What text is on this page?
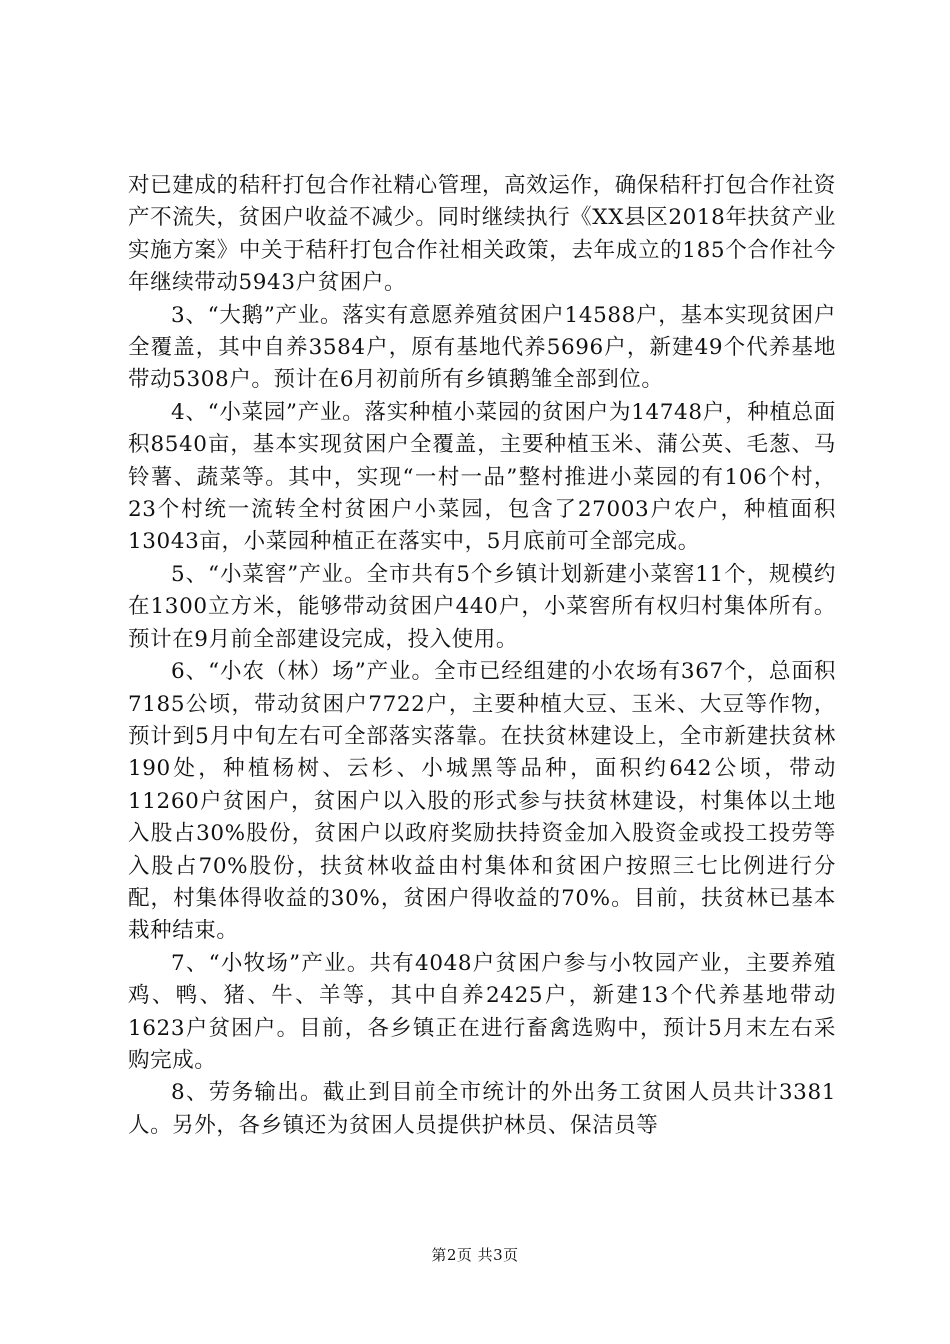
对已建成的秸秆打包合作社精心管理，高效运作，确保秸秆打包合作社资产不流失，贫困户收益不减少。同时继续执行《XX县区2018年扶贫产业实施方案》中关于秸秆打包合作社相关政策，去年成立的185个合作社今年继续带动5943户贫困户。

3、“大鹅”产业。落实有意愿养殖贫困户14588户，基本实现贫困户全覆盖，其中自养3584户，原有基地代养5696户，新建49个代养基地带动5308户。预计在6月初前所有乡镇鹅雏全部到位。

4、“小菜园”产业。落实种植小菜园的贫困户为14748户，种植总面积8540亩，基本实现贫困户全覆盖，主要种植玉米、蒲公英、毛葱、马铃薯、蔬菜等。其中，实现“一村一品”整村推进小菜园的有106个村，23个村统一流转全村贫困户小菜园，包含了27003户农户，种植面积13043亩，小菜园种植正在落实中，5月底前可全部完成。

5、“小菜窖”产业。全市共有5个乡镇计划新建小菜窖11个，规模约在1300立方米，能够带动贫困户440户，小菜窖所有权归村集体所有。预计在9月前全部建设完成，投入使用。

6、“小农（林）场”产业。全市已经组建的小农场有367个，总面积7185公顷，带动贫困户7722户，主要种植大豆、玉米、大豆等作物，预计到5月中旬左右可全部落实落靠。在扶贫林建设上，全市新建扶贫林190处，种植杨树、云杉、小城黑等品种，面积约642公顷，带动11260户贫困户，贫困户以入股的形式参与扶贫林建设，村集体以土地入股占30%股份，贫困户以政府奖励扶持资金加入股资金或投工投劳等入股占70%股份，扶贫林收益由村集体和贫困户按照三七比例进行分配，村集体得收益的30%，贫困户得收益的70%。目前，扶贫林已基本栽种结束。

7、“小牧场”产业。共有4048户贫困户参与小牧园产业，主要养殖鸡、鸭、猪、牛、羊等，其中自养2425户，新建13个代养基地带动1623户贫困户。目前，各乡镇正在进行畜禽选购中，预计5月末左右采购完成。

8、劳务输出。截止到目前全市统计的外出务工贫困人员共计3381人。另外，各乡镇还为贫困人员提供护林员、保洁员等

第2页 共3页
